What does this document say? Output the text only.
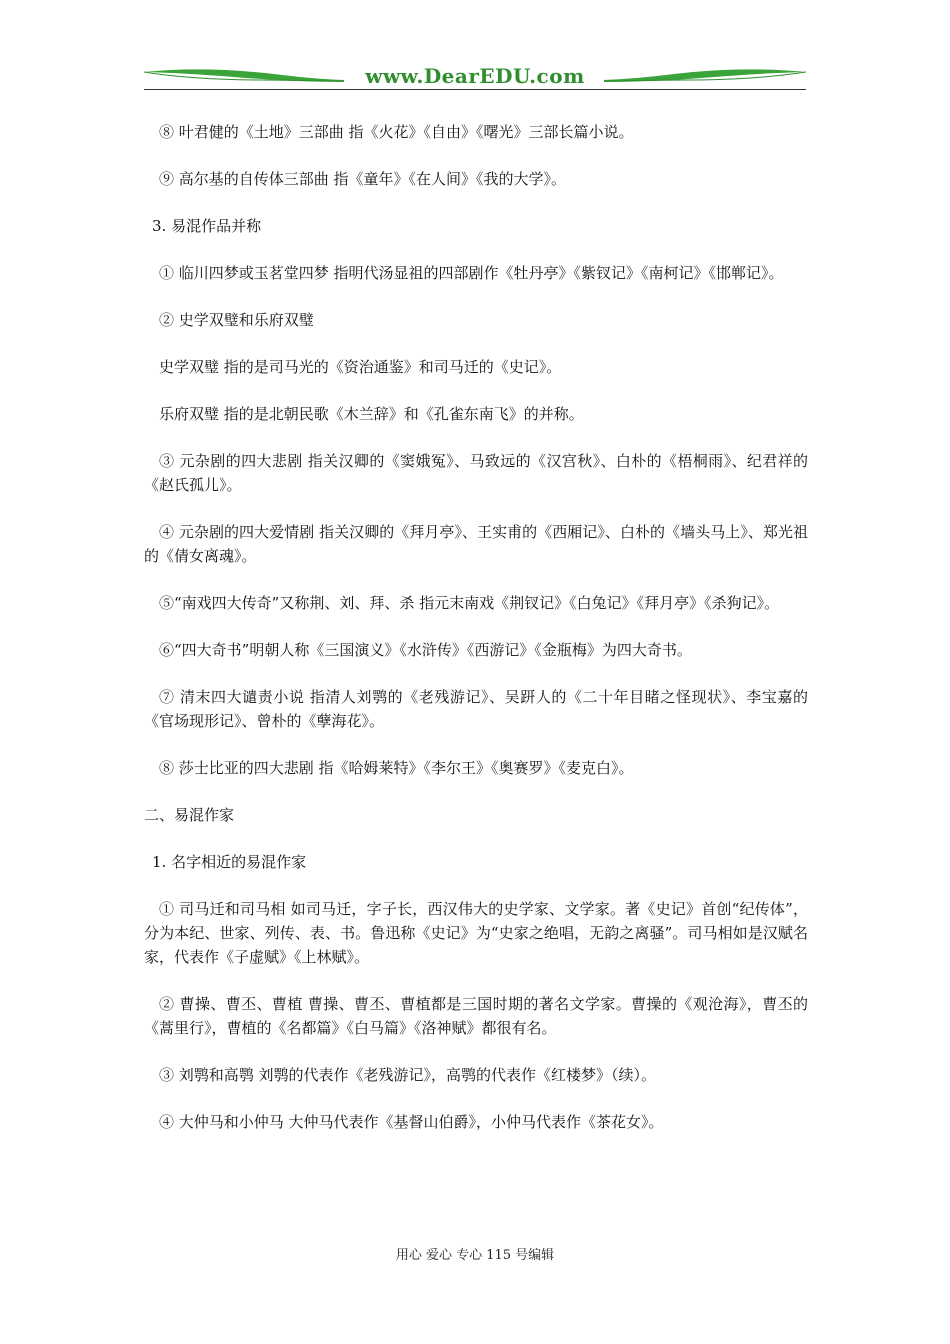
www.DearEDU.com

⑧ 叶君健的《土地》三部曲 指《火花》《自由》《曙光》三部长篇小说。

⑨ 高尔基的自传体三部曲 指《童年》《在人间》《我的大学》。

3. 易混作品并称

① 临川四梦或玉茗堂四梦 指明代汤显祖的四部剧作《牡丹亭》《紫钗记》《南柯记》《邯郸记》。

② 史学双璧和乐府双璧

史学双璧 指的是司马光的《资治通鉴》和司马迁的《史记》。

乐府双璧 指的是北朝民歌《木兰辞》和《孔雀东南飞》的并称。

③ 元杂剧的四大悲剧 指关汉卿的《窦娥冤》、马致远的《汉宫秋》、白朴的《梧桐雨》、纪君祥的《赵氏孤儿》。

④ 元杂剧的四大爱情剧 指关汉卿的《拜月亭》、王实甫的《西厢记》、白朴的《墙头马上》、郑光祖的《倩女离魂》。

⑤“南戏四大传奇”又称荆、刘、拜、杀 指元末南戏《荆钗记》《白兔记》《拜月亭》《杀狗记》。

⑥“四大奇书”明朝人称《三国演义》《水浒传》《西游记》《金瓶梅》为四大奇书。

⑦ 清末四大谴责小说 指清人刘鹗的《老残游记》、吴趼人的《二十年目睹之怪现状》、李宝嘉的《官场现形记》、曾朴的《孽海花》。

⑧ 莎士比亚的四大悲剧 指《哈姆莱特》《李尔王》《奥赛罗》《麦克白》。

二、易混作家

1. 名字相近的易混作家

① 司马迁和司马相 如司马迁，字子长，西汉伟大的史学家、文学家。著《史记》首创“纪传体”，分为本纪、世家、列传、表、书。鲁迅称《史记》为“史家之绝唱，无韵之离骚”。司马相如是汉赋名家，代表作《子虚赋》《上林赋》。

② 曹操、曹丕、曹植 曹操、曹丕、曹植都是三国时期的著名文学家。曹操的《观沧海》，曹丕的《蒿里行》，曹植的《名都篇》《白马篇》《洛神赋》都很有名。

③ 刘鹗和高鹗 刘鹗的代表作《老残游记》，高鹗的代表作《红楼梦》（续）。

④ 大仲马和小仲马 大仲马代表作《基督山伯爵》，小仲马代表作《茶花女》。

用心 爱心 专心 115 号编辑
